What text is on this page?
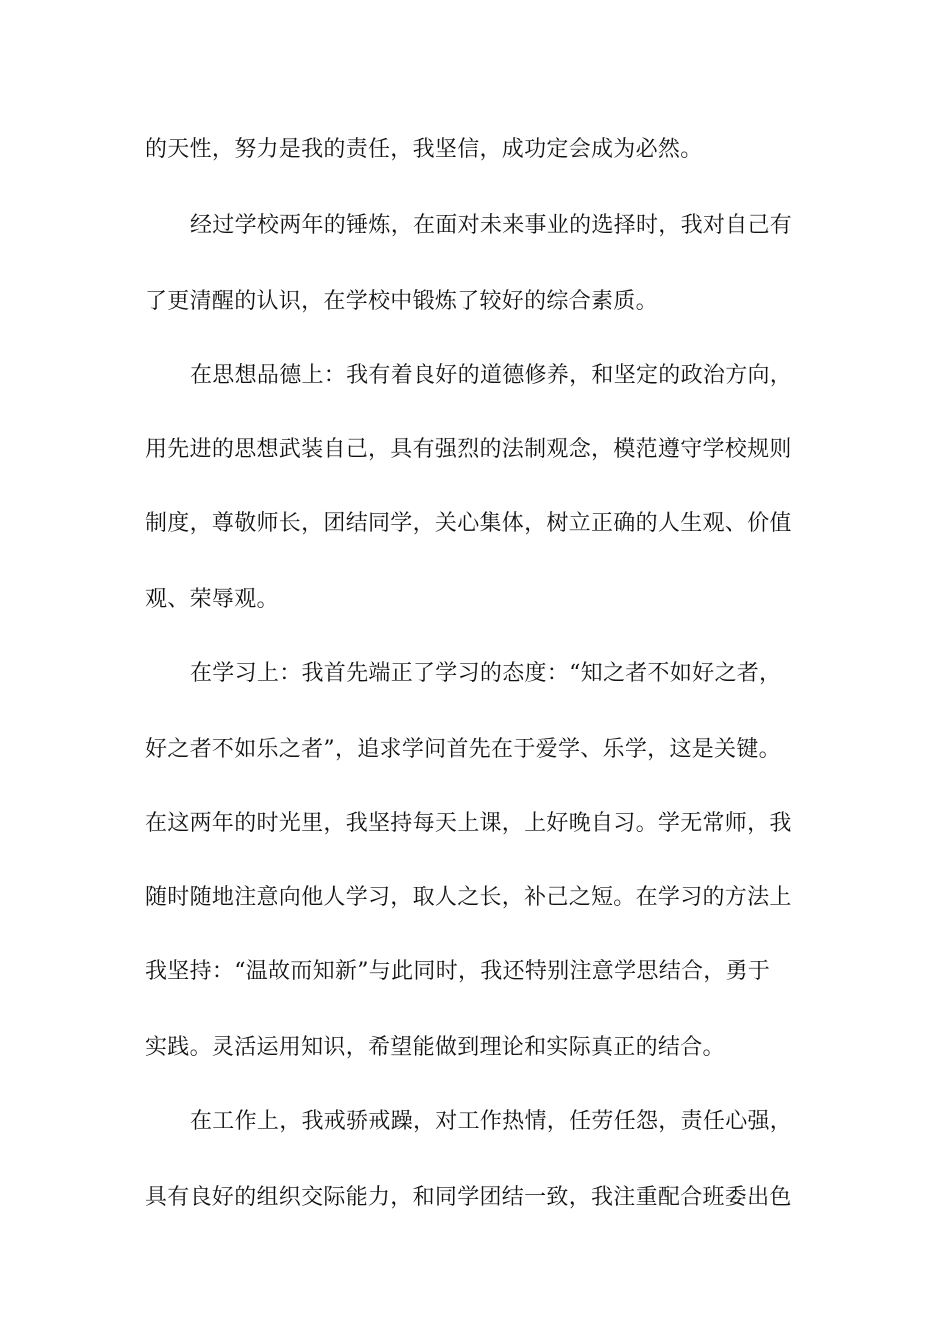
的天性，努力是我的责任，我坚信，成功定会成为必然。
经过学校两年的锤炼，在面对未来事业的选择时，我对自己有
了更清醒的认识，在学校中锻炼了较好的综合素质。
在思想品德上：我有着良好的道德修养，和坚定的政治方向，
用先进的思想武装自己，具有强烈的法制观念，模范遵守学校规则
制度，尊敬师长，团结同学，关心集体，树立正确的人生观、价值
观、荣辱观。
在学习上：我首先端正了学习的态度：“知之者不如好之者，
好之者不如乐之者”，追求学问首先在于爱学、乐学，这是关键。
在这两年的时光里，我坚持每天上课，上好晚自习。学无常师，我
随时随地注意向他人学习，取人之长，补己之短。在学习的方法上
我坚持：“温故而知新”与此同时，我还特别注意学思结合，勇于
实践。灵活运用知识，希望能做到理论和实际真正的结合。
在工作上，我戒骄戒躁，对工作热情，任劳任怨，责任心强，
具有良好的组织交际能力，和同学团结一致，我注重配合班委出色
